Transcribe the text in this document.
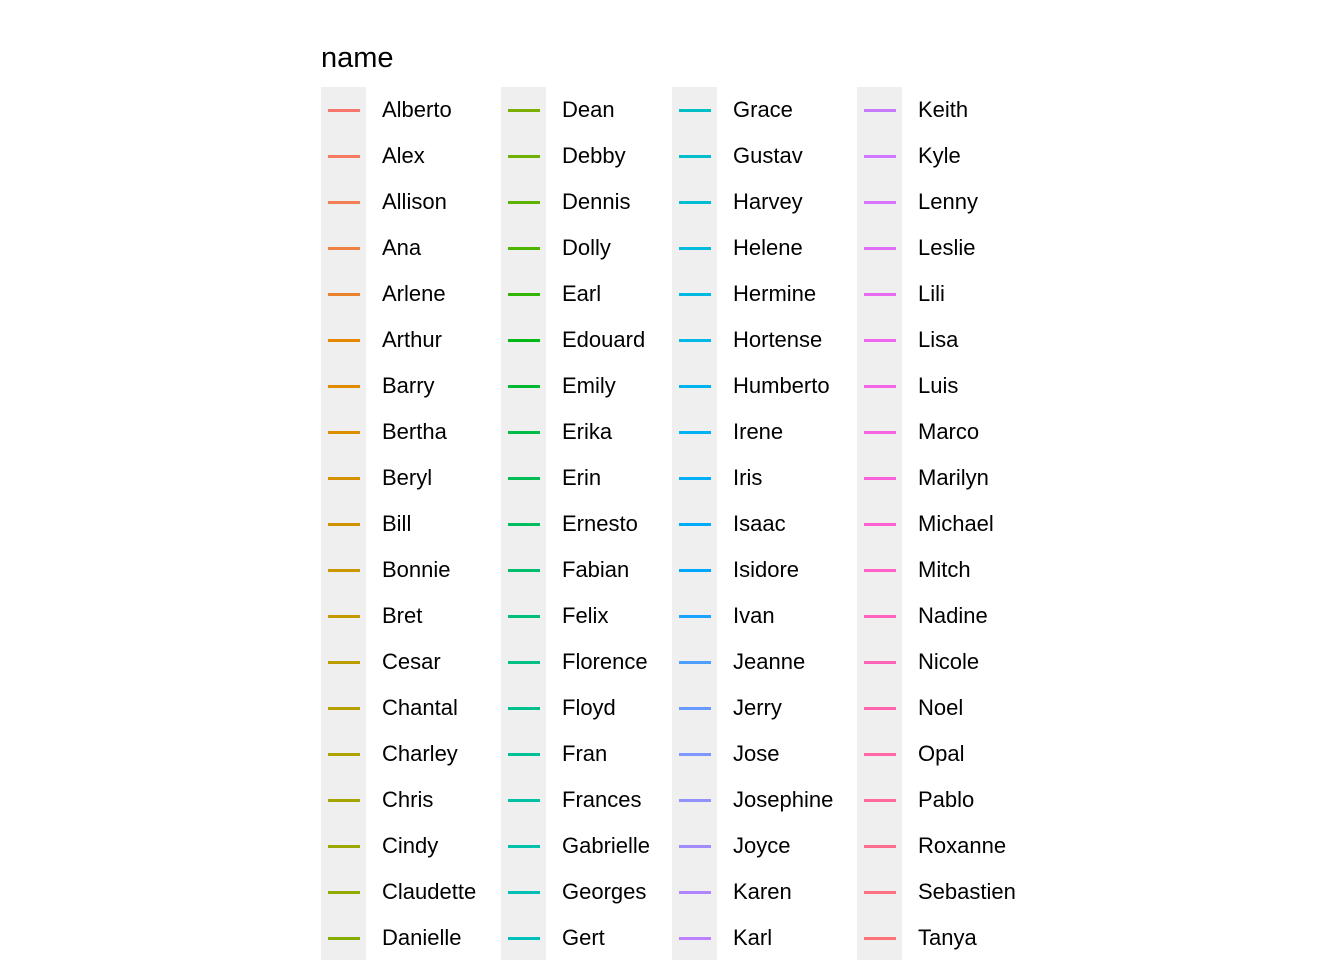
name
Alberto
Alex
Allison
Ana
Arlene
Arthur
Barry
Bertha
Beryl
Bill
Bonnie
Bret
Cesar
Chantal
Charley
Chris
Cindy
Claudette
Danielle
Dean
Debby
Dennis
Dolly
Earl
Edouard
Emily
Erika
Erin
Ernesto
Fabian
Felix
Florence
Floyd
Fran
Frances
Gabrielle
Georges
Gert
Grace
Gustav
Harvey
Helene
Hermine
Hortense
Humberto
Irene
Iris
Isaac
Isidore
Ivan
Jeanne
Jerry
Jose
Josephine
Joyce
Karen
Karl
Keith
Kyle
Lenny
Leslie
Lili
Lisa
Luis
Marco
Marilyn
Michael
Mitch
Nadine
Nicole
Noel
Opal
Pablo
Roxanne
Sebastien
Tanya
